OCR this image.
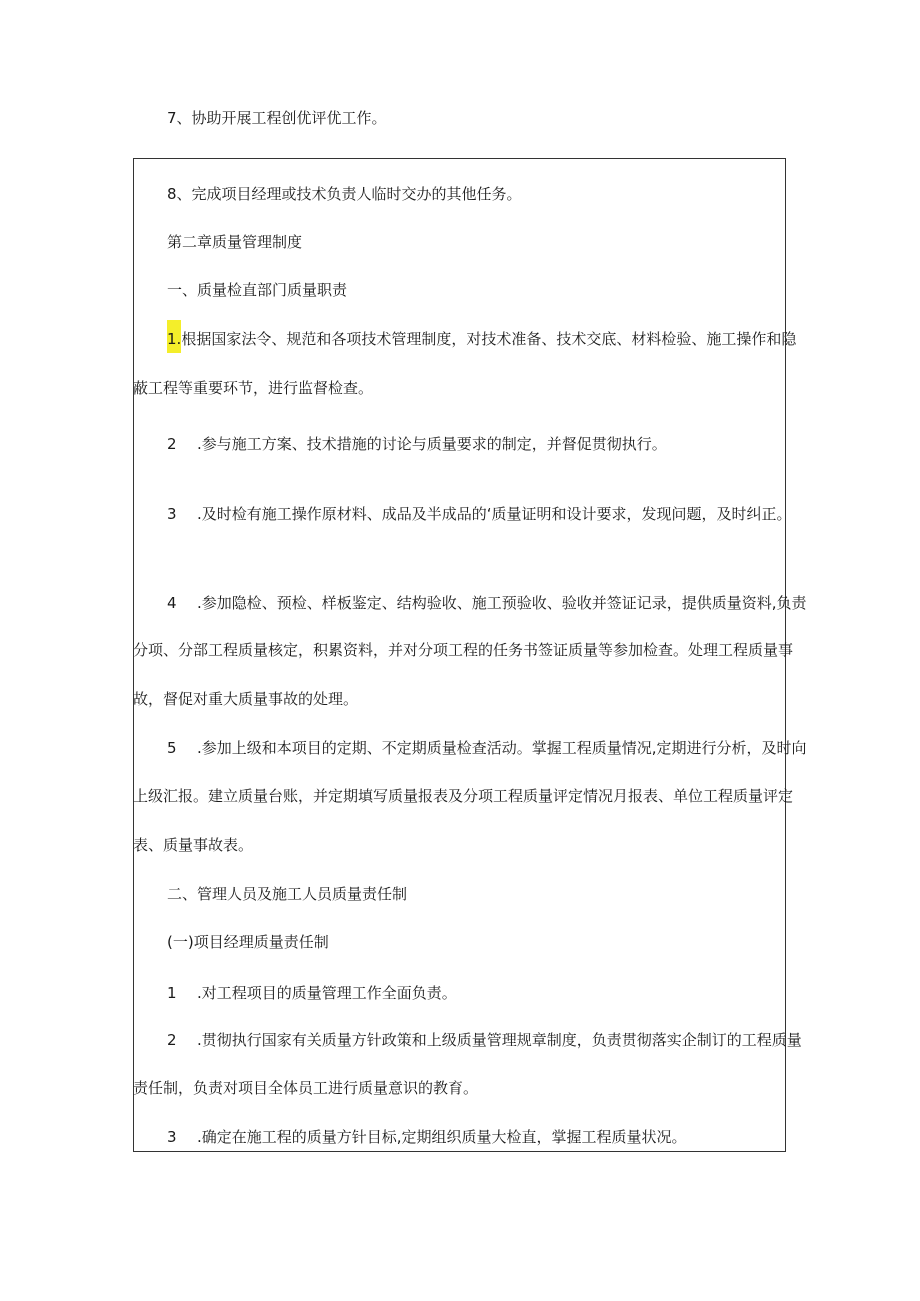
7、协助开展工程创优评优工作。
8、完成项目经理或技术负责人临时交办的其他任务。
第二章质量管理制度
一、质量检直部门质量职责
1.根据国家法令、规范和各项技术管理制度，对技术准备、技术交底、材料检验、施工操作和隐
蔽工程等重要环节，进行监督检查。
2 .参与施工方案、技术措施的讨论与质量要求的制定，并督促贯彻执行。
3 .及时检有施工操作原材料、成品及半成品的‘质量证明和设计要求，发现问题，及时纠正。
4 .参加隐检、预检、样板鉴定、结构验收、施工预验收、验收并签证记录，提供质量资料,负责
分项、分部工程质量核定，积累资料，并对分项工程的任务书签证质量等参加检查。处理工程质量事
故，督促对重大质量事故的处理。
5 .参加上级和本项目的定期、不定期质量检查活动。掌握工程质量情况,定期进行分析，及时向
上级汇报。建立质量台账，并定期填写质量报表及分项工程质量评定情况月报表、单位工程质量评定
表、质量事故表。
二、管理人员及施工人员质量责任制
(一)项目经理质量责任制
1 .对工程项目的质量管理工作全面负责。
2 .贯彻执行国家有关质量方针政策和上级质量管理规章制度，负责贯彻落实企制订的工程质量
责任制，负责对项目全体员工进行质量意识的教育。
3 .确定在施工程的质量方针目标,定期组织质量大检直，掌握工程质量状况。
